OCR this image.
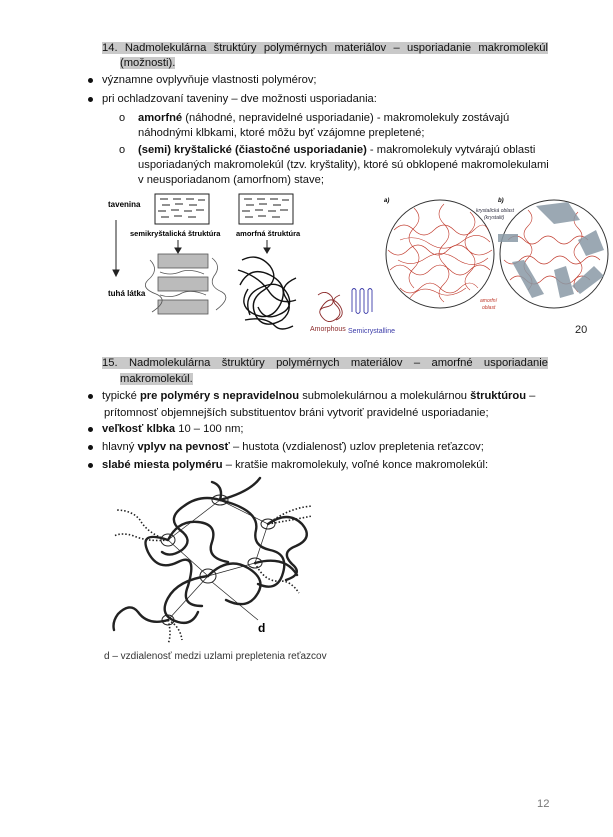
14. Nadmolekulárna štruktúry polymérnych materiálov – usporiadanie makromolekúl
(možnosti).
významne ovplyvňuje vlastnosti polymérov;
pri ochladzovaní taveniny – dve možnosti usporiadania:
o amorfné (náhodné, nepravidelné usporiadanie) - makromolekuly zostávajú
náhodnými klbkami, ktoré môžu byť vzájomne prepletené;
o (semi) kryštalické (čiastočné usporiadanie) - makromolekuly vytvárajú oblasti
usporiadaných makromolekúl (tzv. kryštality), ktoré sú obklopené makromolekulami
v neusporiadanom (amorfnom) stave;
tavenina
semikryštalická štruktúra amorfná štruktúra
tuhá látka
Amorphous Semicrystalline
a)	b)
krystalická oblast
(krystalit)
amorfní
oblast
20
15. Nadmolekulárna štruktúry polymérnych materiálov – amorfné usporiadanie
makromolekúl.
typické pre polyméry s nepravidelnou submolekulárnou a molekulárnou štruktúrou –
prítomnosť objemnejších substituentov bráni vytvoriť pravidelné usporiadanie;
veľkosť klbka 10 – 100 nm;
hlavný vplyv na pevnosť – hustota (vzdialenosť) uzlov prepletenia reťazcov;
slabé miesta polyméru – kratšie makromolekuly, voľné konce makromolekúl:
d
d – vzdialenosť medzi uzlami prepletenia reťazcov
12
